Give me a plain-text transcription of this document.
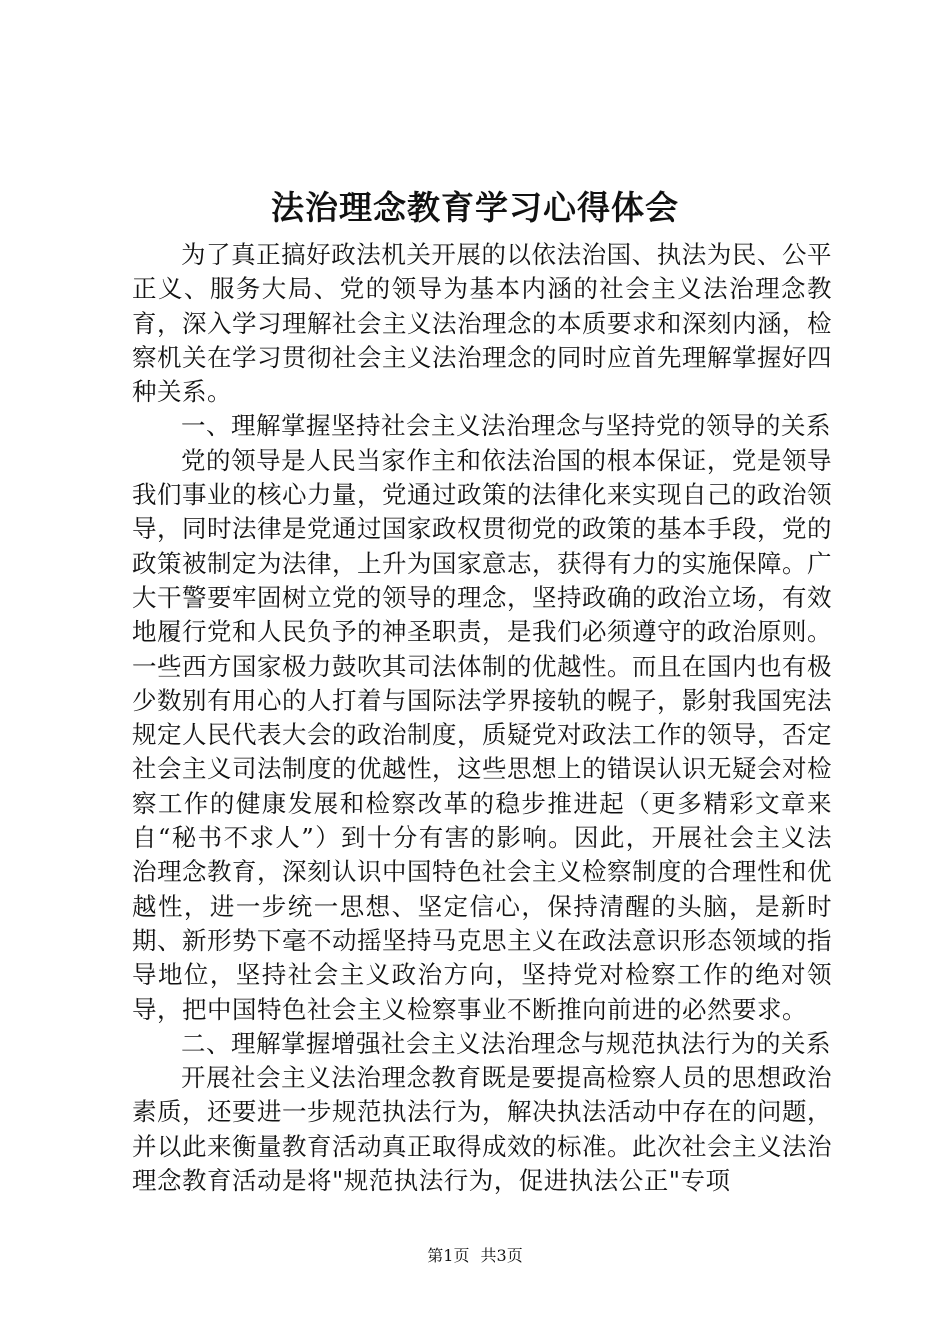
法治理念教育学习心得体会

为了真正搞好政法机关开展的以依法治国、执法为民、公平正义、服务大局、党的领导为基本内涵的社会主义法治理念教育，深入学习理解社会主义法治理念的本质要求和深刻内涵，检察机关在学习贯彻社会主义法治理念的同时应首先理解掌握好四种关系。

一、理解掌握坚持社会主义法治理念与坚持党的领导的关系

党的领导是人民当家作主和依法治国的根本保证，党是领导我们事业的核心力量，党通过政策的法律化来实现自己的政治领导，同时法律是党通过国家政权贯彻党的政策的基本手段，党的政策被制定为法律，上升为国家意志，获得有力的实施保障。广大干警要牢固树立党的领导的理念，坚持政确的政治立场，有效地履行党和人民负予的神圣职责，是我们必须遵守的政治原则。一些西方国家极力鼓吹其司法体制的优越性。而且在国内也有极少数别有用心的人打着与国际法学界接轨的幌子，影射我国宪法规定人民代表大会的政治制度，质疑党对政法工作的领导，否定社会主义司法制度的优越性，这些思想上的错误认识无疑会对检察工作的健康发展和检察改革的稳步推进起（更多精彩文章来自“秘书不求人”）到十分有害的影响。因此，开展社会主义法治理念教育，深刻认识中国特色社会主义检察制度的合理性和优越性，进一步统一思想、坚定信心，保持清醒的头脑，是新时期、新形势下毫不动摇坚持马克思主义在政法意识形态领域的指导地位，坚持社会主义政治方向，坚持党对检察工作的绝对领导，把中国特色社会主义检察事业不断推向前进的必然要求。

二、理解掌握增强社会主义法治理念与规范执法行为的关系

开展社会主义法治理念教育既是要提高检察人员的思想政治素质，还要进一步规范执法行为，解决执法活动中存在的问题，并以此来衡量教育活动真正取得成效的标准。此次社会主义法治理念教育活动是将"规范执法行为，促进执法公正"专项

第1页 共3页
